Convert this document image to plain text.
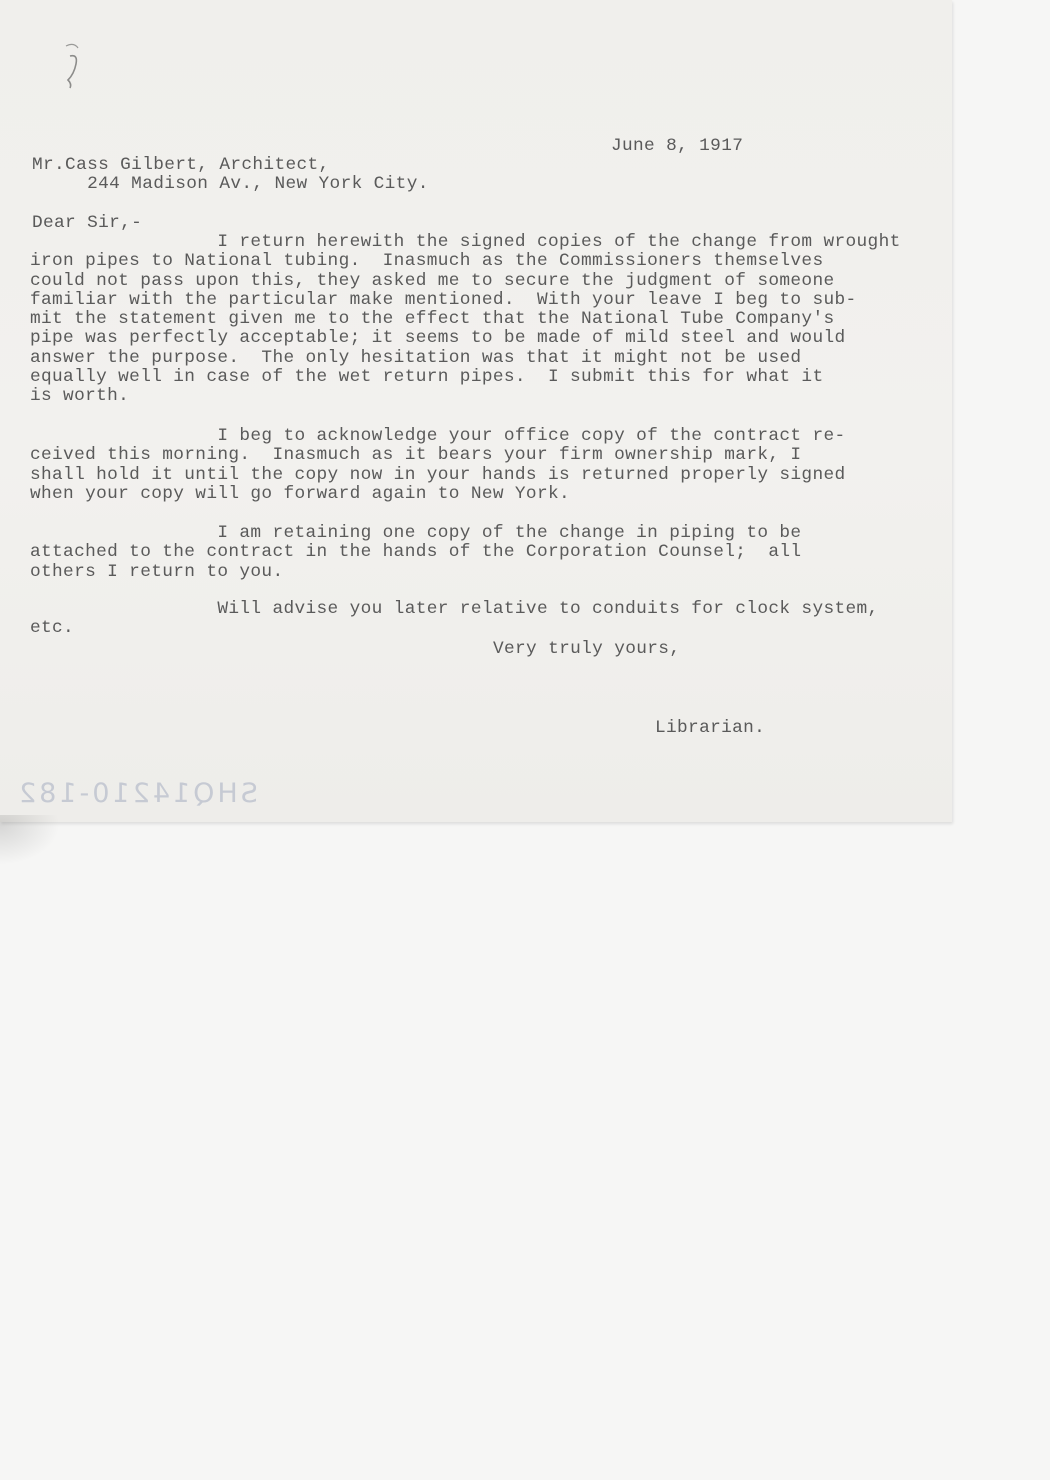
June 8, 1917

Mr.Cass Gilbert, Architect,

244 Madison Av., New York City.

Dear Sir,-

I return herewith the signed copies of the change from wrought
iron pipes to National tubing.  Inasmuch as the Commissioners themselves
could not pass upon this, they asked me to secure the judgment of someone
familiar with the particular make mentioned.  With your leave I beg to sub-
mit the statement given me to the effect that the National Tube Company's
pipe was perfectly acceptable; it seems to be made of mild steel and would
answer the purpose.  The only hesitation was that it might not be used
equally well in case of the wet return pipes.  I submit this for what it
is worth.

I beg to acknowledge your office copy of the contract re-
ceived this morning.  Inasmuch as it bears your firm ownership mark, I
shall hold it until the copy now in your hands is returned properly signed
when your copy will go forward again to New York.

I am retaining one copy of the change in piping to be
attached to the contract in the hands of the Corporation Counsel;  all
others I return to you.

Will advise you later relative to conduits for clock system,
etc.

Very truly yours,

Librarian.

SHQ14210-182
